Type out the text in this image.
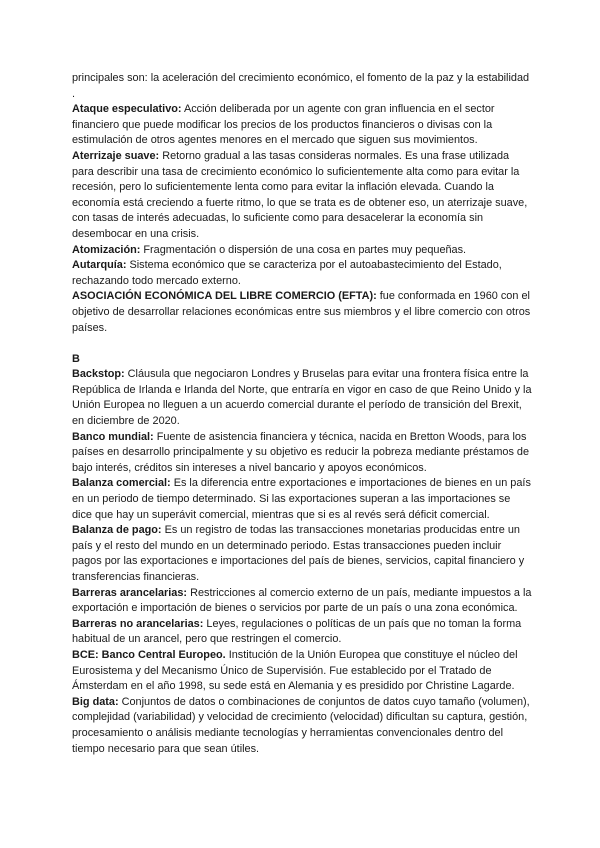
principales son: la aceleración del crecimiento económico, el fomento de la paz y la estabilidad .

Ataque especulativo: Acción deliberada por un agente con gran influencia en el sector financiero que puede modificar los precios de los productos financieros o divisas con la estimulación de otros agentes menores en el mercado que siguen sus movimientos.

Aterrizaje suave: Retorno gradual a las tasas consideras normales. Es una frase utilizada para describir una tasa de crecimiento económico lo suficientemente alta como para evitar la recesión, pero lo suficientemente lenta como para evitar la inflación elevada. Cuando la economía está creciendo a fuerte ritmo, lo que se trata es de obtener eso, un aterrizaje suave, con tasas de interés adecuadas, lo suficiente como para desacelerar la economía sin desembocar en una crisis.

Atomización: Fragmentación o dispersión de una cosa en partes muy pequeñas.

Autarquía: Sistema económico que se caracteriza por el autoabastecimiento del Estado, rechazando todo mercado externo.

ASOCIACIÓN ECONÓMICA DEL LIBRE COMERCIO (EFTA): fue conformada en 1960 con el objetivo de desarrollar relaciones económicas entre sus miembros y el libre comercio con otros países.

B

Backstop: Cláusula que negociaron Londres y Bruselas para evitar una frontera física entre la República de Irlanda e Irlanda del Norte, que entraría en vigor en caso de que Reino Unido y la Unión Europea no lleguen a un acuerdo comercial durante el período de transición del Brexit, en diciembre de 2020.

Banco mundial: Fuente de asistencia financiera y técnica, nacida en Bretton Woods, para los países en desarrollo principalmente y su objetivo es reducir la pobreza mediante préstamos de bajo interés, créditos sin intereses a nivel bancario y apoyos económicos.

Balanza comercial: Es la diferencia entre exportaciones e importaciones de bienes en un país en un periodo de tiempo determinado. Si las exportaciones superan a las importaciones se dice que hay un superávit comercial, mientras que si es al revés será déficit comercial.

Balanza de pago: Es un registro de todas las transacciones monetarias producidas entre un país y el resto del mundo en un determinado periodo. Estas transacciones pueden incluir pagos por las exportaciones e importaciones del país de bienes, servicios, capital financiero y transferencias financieras.

Barreras arancelarias: Restricciones al comercio externo de un país, mediante impuestos a la exportación e importación de bienes o servicios por parte de un país o una zona económica.

Barreras no arancelarias: Leyes, regulaciones o políticas de un país que no toman la forma habitual de un arancel, pero que restringen el comercio.

BCE: Banco Central Europeo. Institución de la Unión Europea que constituye el núcleo del Eurosistema y del Mecanismo Único de Supervisión. Fue establecido por el Tratado de Ámsterdam en el año 1998, su sede está en Alemania y es presidido por Christine Lagarde.

Big data: Conjuntos de datos o combinaciones de conjuntos de datos cuyo tamaño (volumen), complejidad (variabilidad) y velocidad de crecimiento (velocidad) dificultan su captura, gestión, procesamiento o análisis mediante tecnologías y herramientas convencionales dentro del tiempo necesario para que sean útiles.
